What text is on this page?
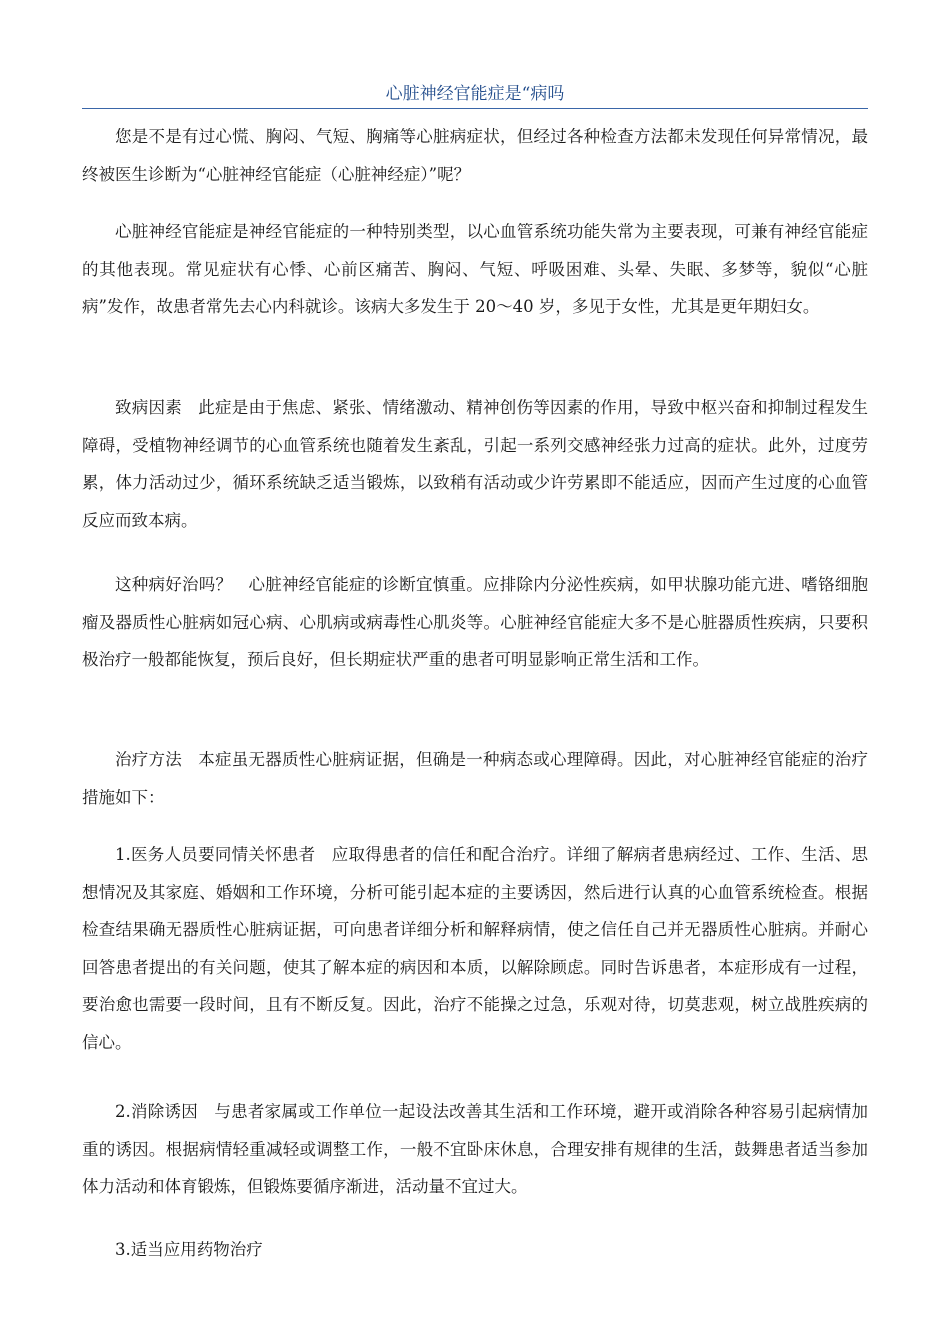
心脏神经官能症是“病吗

您是不是有过心慌、胸闷、气短、胸痛等心脏病症状，但经过各种检查方法都未发现任何异常情况，最终被医生诊断为“心脏神经官能症（心脏神经症）”呢？

心脏神经官能症是神经官能症的一种特别类型，以心血管系统功能失常为主要表现，可兼有神经官能症的其他表现。常见症状有心悸、心前区痛苦、胸闷、气短、呼吸困难、头晕、失眠、多梦等，貌似“心脏病”发作，故患者常先去心内科就诊。该病大多发生于 20～40 岁，多见于女性，尤其是更年期妇女。

致病因素 此症是由于焦虑、紧张、情绪激动、精神创伤等因素的作用，导致中枢兴奋和抑制过程发生障碍，受植物神经调节的心血管系统也随着发生紊乱，引起一系列交感神经张力过高的症状。此外，过度劳累，体力活动过少，循环系统缺乏适当锻炼，以致稍有活动或少许劳累即不能适应，因而产生过度的心血管反应而致本病。

这种病好治吗？ 心脏神经官能症的诊断宜慎重。应排除内分泌性疾病，如甲状腺功能亢进、嗜铬细胞瘤及器质性心脏病如冠心病、心肌病或病毒性心肌炎等。心脏神经官能症大多不是心脏器质性疾病，只要积极治疗一般都能恢复，预后良好，但长期症状严重的患者可明显影响正常生活和工作。

治疗方法 本症虽无器质性心脏病证据，但确是一种病态或心理障碍。因此，对心脏神经官能症的治疗措施如下：

1.医务人员要同情关怀患者 应取得患者的信任和配合治疗。详细了解病者患病经过、工作、生活、思想情况及其家庭、婚姻和工作环境，分析可能引起本症的主要诱因，然后进行认真的心血管系统检查。根据检查结果确无器质性心脏病证据，可向患者详细分析和解释病情，使之信任自己并无器质性心脏病。并耐心回答患者提出的有关问题，使其了解本症的病因和本质，以解除顾虑。同时告诉患者，本症形成有一过程，要治愈也需要一段时间，且有不断反复。因此，治疗不能操之过急，乐观对待，切莫悲观，树立战胜疾病的信心。

2.消除诱因 与患者家属或工作单位一起设法改善其生活和工作环境，避开或消除各种容易引起病情加重的诱因。根据病情轻重减轻或调整工作，一般不宜卧床休息，合理安排有规律的生活，鼓舞患者适当参加体力活动和体育锻炼，但锻炼要循序渐进，活动量不宜过大。

3.适当应用药物治疗
